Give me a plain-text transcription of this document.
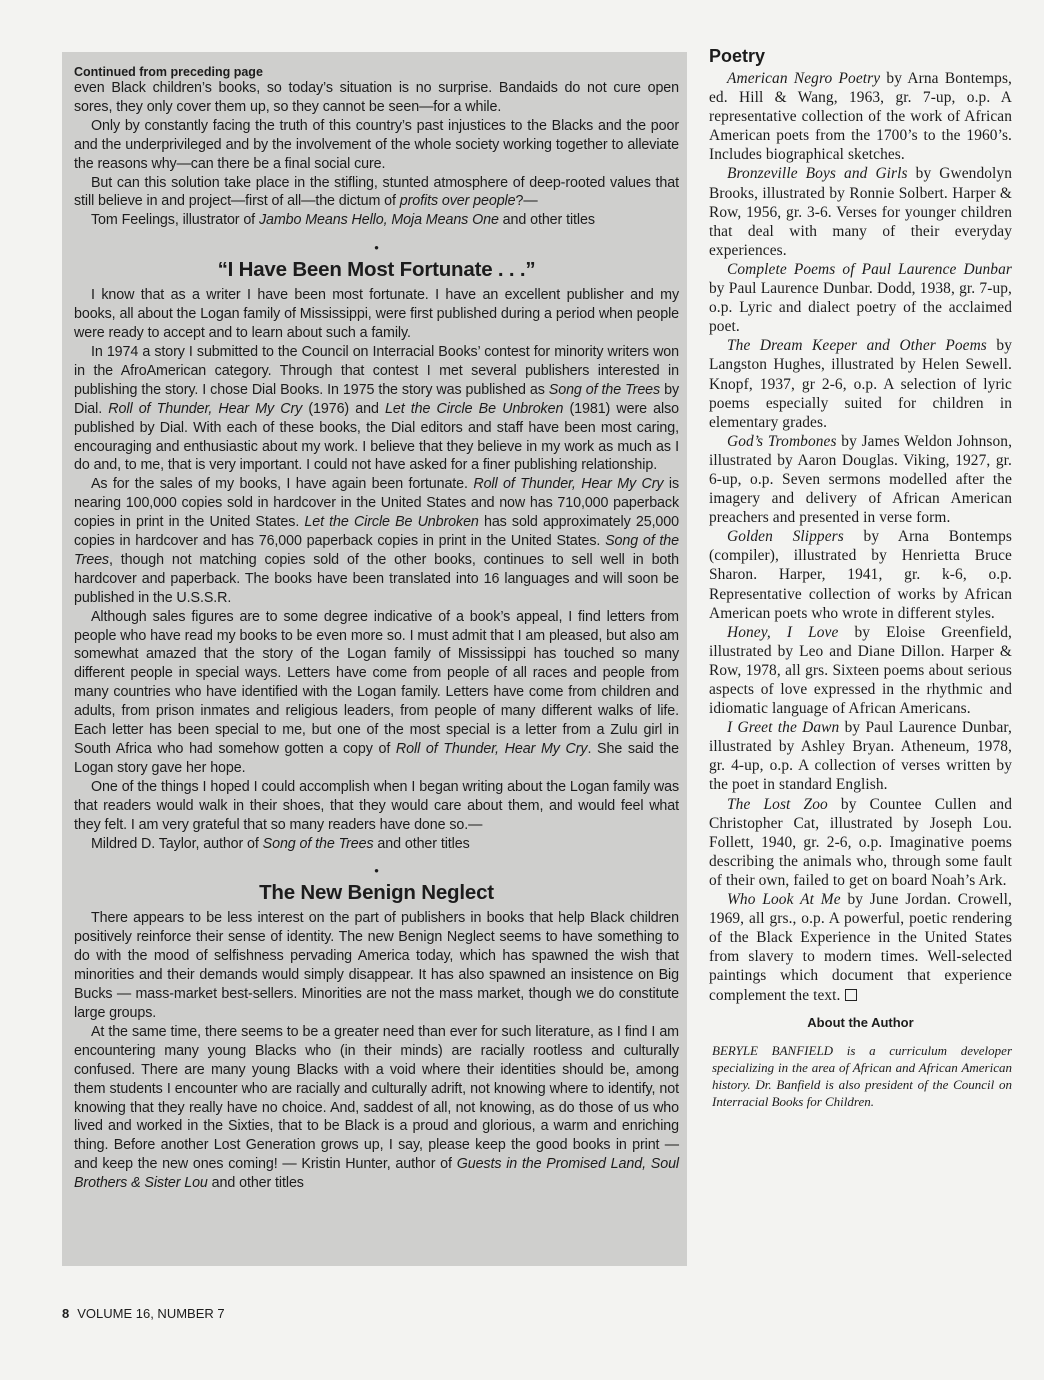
Continued from preceding page

even Black children’s books, so today’s situation is no surprise. Bandaids do not cure open sores, they only cover them up, so they cannot be seen—for a while.

Only by constantly facing the truth of this country’s past injustices to the Blacks and the poor and the underprivileged and by the involvement of the whole society working together to alleviate the reasons why—can there be a final social cure.

But can this solution take place in the stifling, stunted atmosphere of deep-rooted values that still believe in and project—first of all—the dictum of profits over people?—
Tom Feelings, illustrator of Jambo Means Hello, Moja Means One and other titles

•
“I Have Been Most Fortunate . . .”

I know that as a writer I have been most fortunate. I have an excellent publisher and my books, all about the Logan family of Mississippi, were first published during a period when people were ready to accept and to learn about such a family.

In 1974 a story I submitted to the Council on Interracial Books’ contest for minority writers won in the AfroAmerican category. Through that contest I met several publishers interested in publishing the story. I chose Dial Books. In 1975 the story was published as Song of the Trees by Dial. Roll of Thunder, Hear My Cry (1976) and Let the Circle Be Unbroken (1981) were also published by Dial. With each of these books, the Dial editors and staff have been most caring, encouraging and enthusiastic about my work. I believe that they believe in my work as much as I do and, to me, that is very important. I could not have asked for a finer publishing relationship.

As for the sales of my books, I have again been fortunate. Roll of Thunder, Hear My Cry is nearing 100,000 copies sold in hardcover in the United States and now has 710,000 paperback copies in print in the United States. Let the Circle Be Unbroken has sold approximately 25,000 copies in hardcover and has 76,000 paperback copies in print in the United States. Song of the Trees, though not matching copies sold of the other books, continues to sell well in both hardcover and paperback. The books have been translated into 16 languages and will soon be published in the U.S.S.R.

Although sales figures are to some degree indicative of a book’s appeal, I find letters from people who have read my books to be even more so. I must admit that I am pleased, but also am somewhat amazed that the story of the Logan family of Mississippi has touched so many different people in special ways. Letters have come from people of all races and people from many countries who have identified with the Logan family. Letters have come from children and adults, from prison inmates and religious leaders, from people of many different walks of life. Each letter has been special to me, but one of the most special is a letter from a Zulu girl in South Africa who had somehow gotten a copy of Roll of Thunder, Hear My Cry. She said the Logan story gave her hope.

One of the things I hoped I could accomplish when I began writing about the Logan family was that readers would walk in their shoes, that they would care about them, and would feel what they felt. I am very grateful that so many readers have done so.—
Mildred D. Taylor, author of Song of the Trees and other titles

•
The New Benign Neglect

There appears to be less interest on the part of publishers in books that help Black children positively reinforce their sense of identity. The new Benign Neglect seems to have something to do with the mood of selfishness pervading America today, which has spawned the wish that minorities and their demands would simply disappear. It has also spawned an insistence on Big Bucks — mass-market best-sellers. Minorities are not the mass market, though we do constitute large groups.

At the same time, there seems to be a greater need than ever for such literature, as I find I am encountering many young Blacks who (in their minds) are racially rootless and culturally confused. There are many young Blacks with a void where their identities should be, among them students I encounter who are racially and culturally adrift, not knowing where to identify, not knowing that they really have no choice. And, saddest of all, not knowing, as do those of us who lived and worked in the Sixties, that to be Black is a proud and glorious, a warm and enriching thing. Before another Lost Generation grows up, I say, please keep the good books in print — and keep the new ones coming! — Kristin Hunter, author of Guests in the Promised Land, Soul Brothers & Sister Lou and other titles

Poetry

American Negro Poetry by Arna Bontemps, ed. Hill & Wang, 1963, gr. 7-up, o.p. A representative collection of the work of African American poets from the 1700’s to the 1960’s. Includes biographical sketches.

Bronzeville Boys and Girls by Gwendolyn Brooks, illustrated by Ronnie Solbert. Harper & Row, 1956, gr. 3-6. Verses for younger children that deal with many of their everyday experiences.

Complete Poems of Paul Laurence Dunbar by Paul Laurence Dunbar. Dodd, 1938, gr. 7-up, o.p. Lyric and dialect poetry of the acclaimed poet.

The Dream Keeper and Other Poems by Langston Hughes, illustrated by Helen Sewell. Knopf, 1937, gr 2-6, o.p. A selection of lyric poems especially suited for children in elementary grades.

God’s Trombones by James Weldon Johnson, illustrated by Aaron Douglas. Viking, 1927, gr. 6-up, o.p. Seven sermons modelled after the imagery and delivery of African American preachers and presented in verse form.

Golden Slippers by Arna Bontemps (compiler), illustrated by Henrietta Bruce Sharon. Harper, 1941, gr. k-6, o.p. Representative collection of works by African American poets who wrote in different styles.

Honey, I Love by Eloise Greenfield, illustrated by Leo and Diane Dillon. Harper & Row, 1978, all grs. Sixteen poems about serious aspects of love expressed in the rhythmic and idiomatic language of African Americans.

I Greet the Dawn by Paul Laurence Dunbar, illustrated by Ashley Bryan. Atheneum, 1978, gr. 4-up, o.p. A collection of verses written by the poet in standard English.

The Lost Zoo by Countee Cullen and Christopher Cat, illustrated by Joseph Lou. Follett, 1940, gr. 2-6, o.p. Imaginative poems describing the animals who, through some fault of their own, failed to get on board Noah’s Ark.

Who Look At Me by June Jordan. Crowell, 1969, all grs., o.p. A powerful, poetic rendering of the Black Experience in the United States from slavery to modern times. Well-selected paintings which document that experience complement the text.

About the Author

BERYLE BANFIELD is a curriculum developer specializing in the area of African and African American history. Dr. Banfield is also president of the Council on Interracial Books for Children.

8 VOLUME 16, NUMBER 7
